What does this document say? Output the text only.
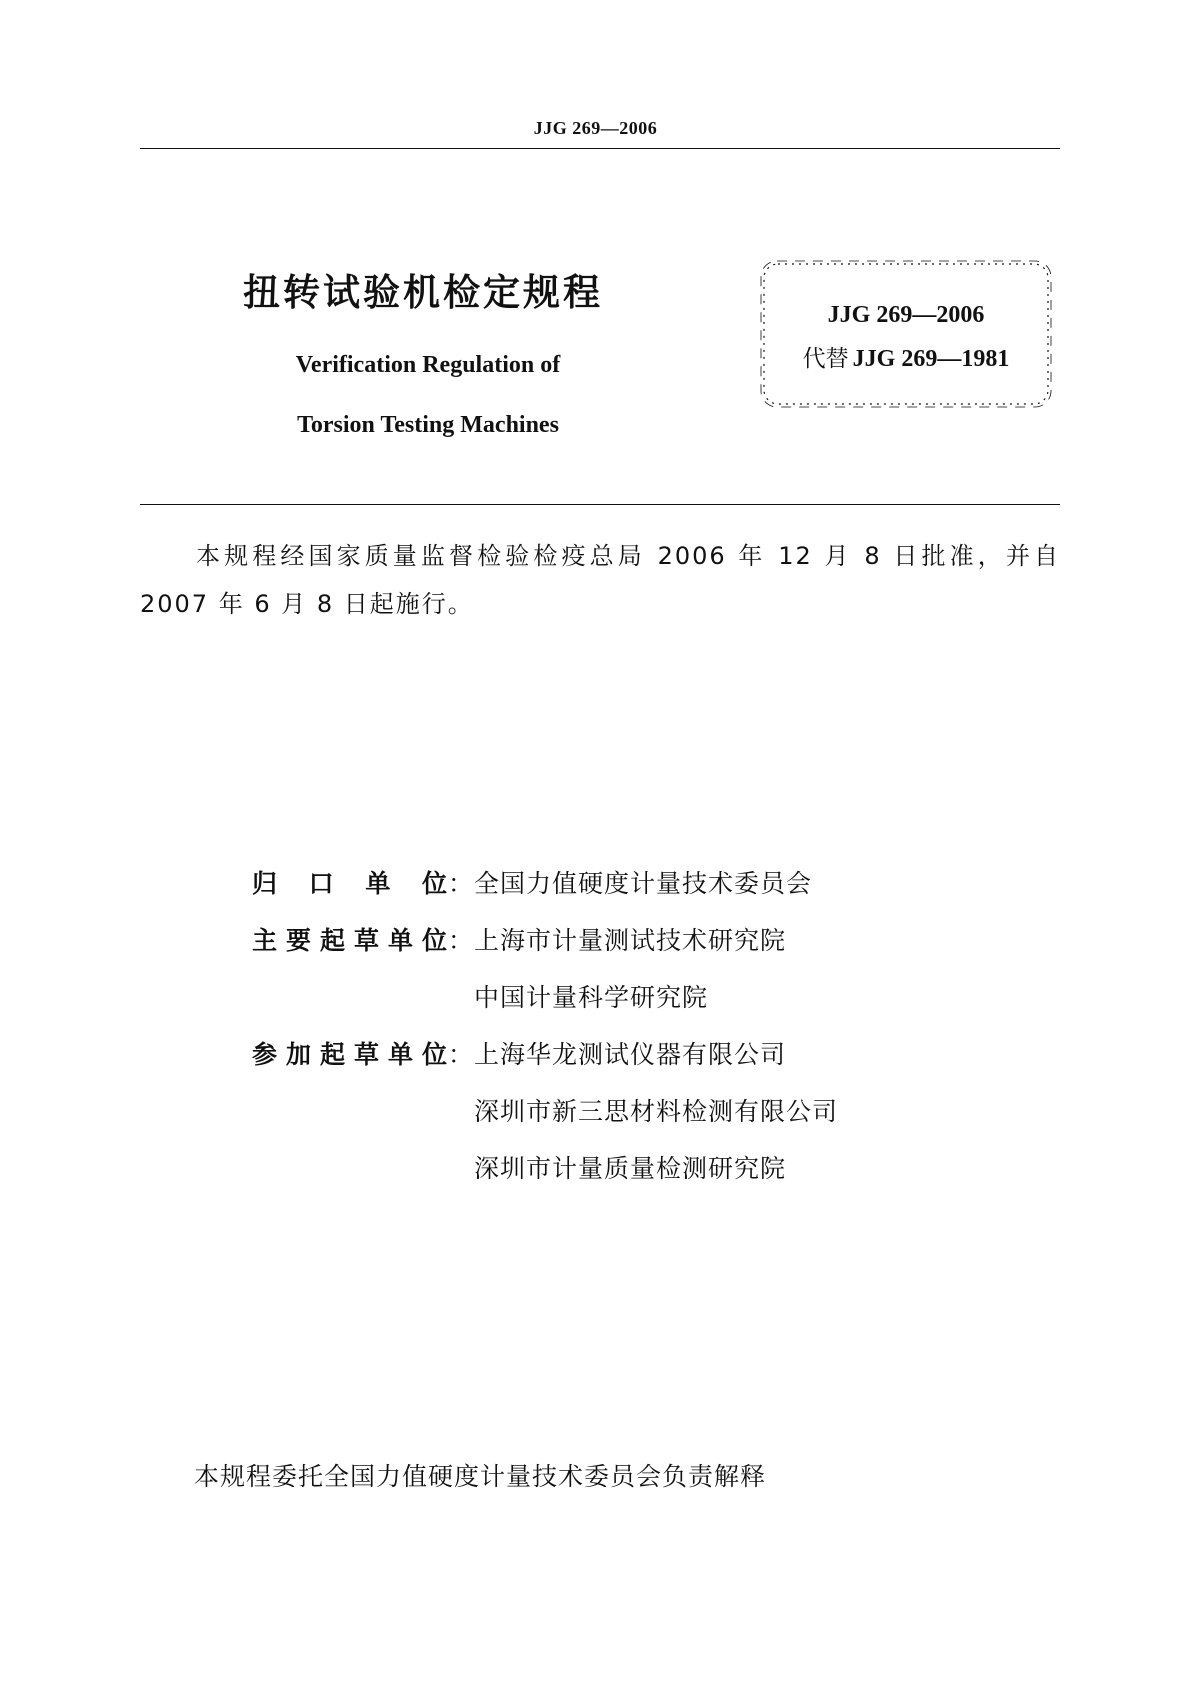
JJG 269—2006
扭转试验机检定规程
Verification Regulation of
Torsion Testing Machines
JJG 269—2006
代替 JJG 269—1981
本规程经国家质量监督检验检疫总局 2006 年 12 月 8 日批准，并自 2007 年 6 月 8 日起施行。
归口单位 ：全国力值硬度计量技术委员会
主要起草单位 ：上海市计量测试技术研究院
中国计量科学研究院
参加起草单位 ：上海华龙测试仪器有限公司
深圳市新三思材料检测有限公司
深圳市计量质量检测研究院
本规程委托全国力值硬度计量技术委员会负责解释
